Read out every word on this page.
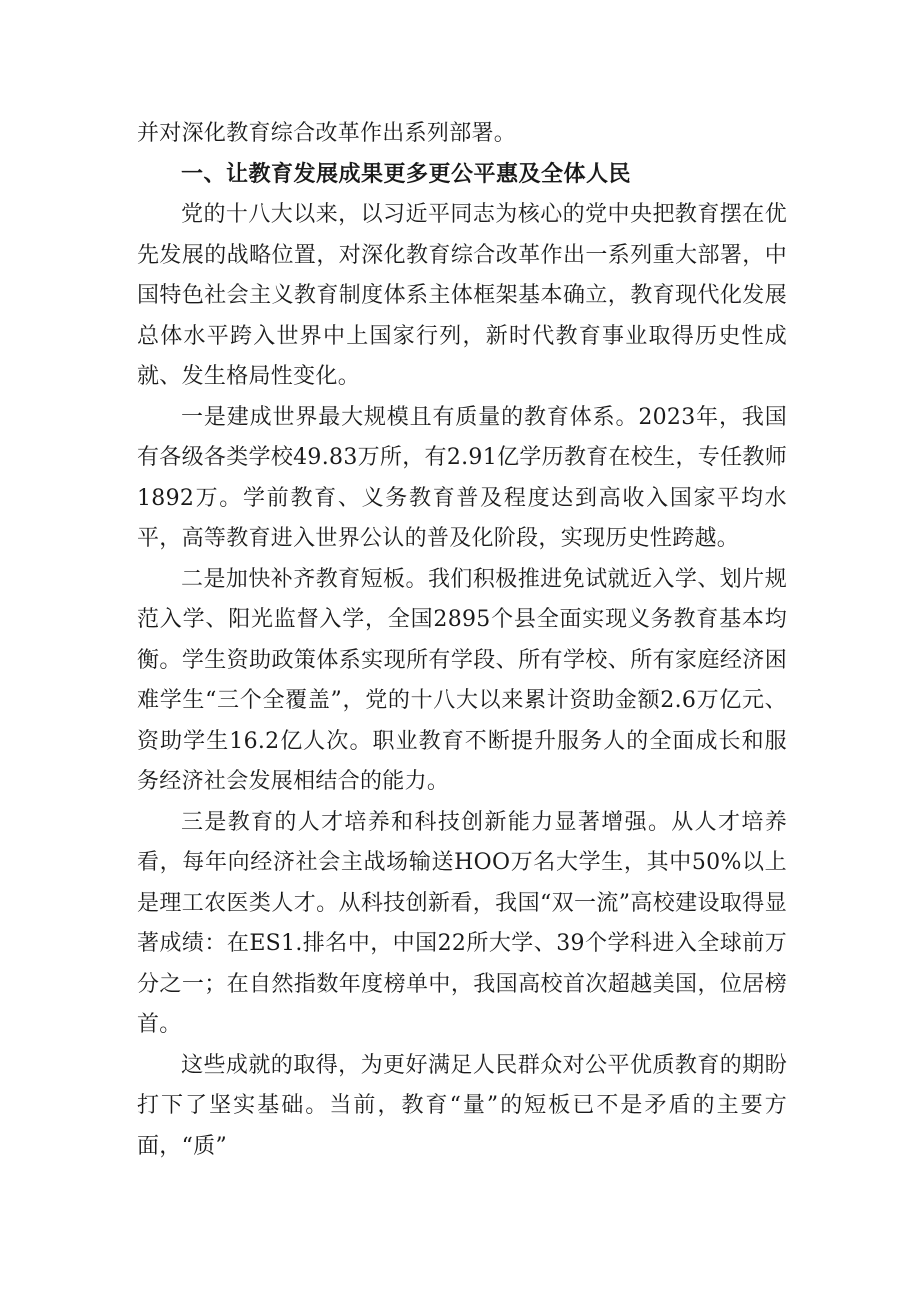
并对深化教育综合改革作出系列部署。

一、让教育发展成果更多更公平惠及全体人民

党的十八大以来，以习近平同志为核心的党中央把教育摆在优先发展的战略位置，对深化教育综合改革作出一系列重大部署，中国特色社会主义教育制度体系主体框架基本确立，教育现代化发展总体水平跨入世界中上国家行列，新时代教育事业取得历史性成就、发生格局性变化。

一是建成世界最大规模且有质量的教育体系。2023年，我国有各级各类学校49.83万所，有2.91亿学历教育在校生，专任教师1892万。学前教育、义务教育普及程度达到高收入国家平均水平，高等教育进入世界公认的普及化阶段，实现历史性跨越。

二是加快补齐教育短板。我们积极推进免试就近入学、划片规范入学、阳光监督入学，全国2895个县全面实现义务教育基本均衡。学生资助政策体系实现所有学段、所有学校、所有家庭经济困难学生“三个全覆盖”，党的十八大以来累计资助金额2.6万亿元、资助学生16.2亿人次。职业教育不断提升服务人的全面成长和服务经济社会发展相结合的能力。

三是教育的人才培养和科技创新能力显著增强。从人才培养看，每年向经济社会主战场输送HOO万名大学生，其中50%以上是理工农医类人才。从科技创新看，我国“双一流”高校建设取得显著成绩：在ES1.排名中，中国22所大学、39个学科进入全球前万分之一；在自然指数年度榜单中，我国高校首次超越美国，位居榜首。

这些成就的取得，为更好满足人民群众对公平优质教育的期盼打下了坚实基础。当前，教育“量”的短板已不是矛盾的主要方面，“质”
